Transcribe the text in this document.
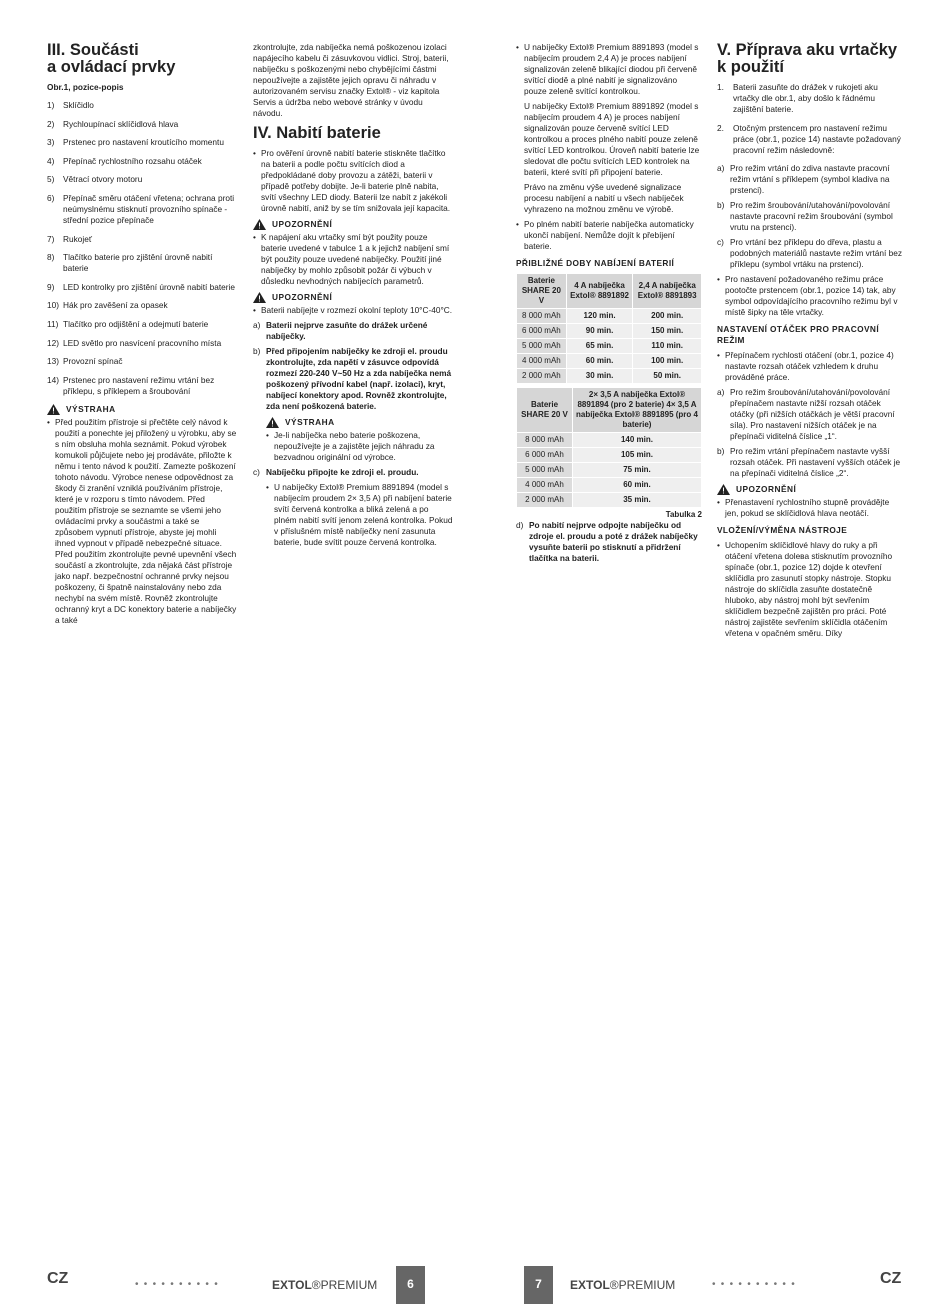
III. Součásti
a ovládací prvky
Obr.1, pozice-popis
1)	Sklíčidlo
2)	Rychloupínací sklíčidlová hlava
3)	Prstenec pro nastavení kroutícího momentu
4)	Přepínač rychlostního rozsahu otáček
5)	Větrací otvory motoru
6)	Přepínač směru otáčení vřetena; ochrana proti neúmyslnému stisknutí provozního spínače - střední pozice přepínače
7)	Rukojeť
8)	Tlačítko baterie pro zjištění úrovně nabití baterie
9)	LED kontrolky pro zjištění úrovně nabití baterie
10) Hák pro zavěšení za opasek
11) Tlačítko pro odjištění a odejmutí baterie
12) LED světlo pro nasvícení pracovního místa
13) Provozní spínač
14) Prstenec pro nastavení režimu vrtání bez příklepu, s příklepem a šroubování
VÝSTRAHA
• Před použitím přístroje si přečtěte celý návod k použití a ponechte jej přiložený u výrobku, aby se s ním obsluha mohla seznámit. Pokud výrobek komukoli půjčujete nebo jej prodáváte, přiložte k němu i tento návod k použití. Zamezte poškození tohoto návodu. Výrobce nenese odpovědnost za škody či zranění vzniklá používáním přístroje, které je v rozporu s tímto návodem. Před použitím přístroje se seznamte se všemi jeho ovládacími prvky a součástmi a také se způsobem vypnutí přístroje, abyste jej mohli ihned vypnout v případě nebezpečné situace. Před použitím zkontrolujte pevné upevnění všech součástí a zkontrolujte, zda nějaká část přístroje jako např. bezpečnostní ochranné prvky nejsou poškozeny, či špatně nainstalovány nebo zda nechybí na svém místě. Rovněž zkontrolujte ochranný kryt a DC konektory baterie a nabíječky a také

zkontrolujte, zda nabíječka nemá poškozenou izolaci napájecího kabelu či zásuvkovou vidlici. Stroj, baterii, nabíječku s poškozenými nebo chybějícími částmi nepoužívejte a zajistěte jejich opravu či náhradu v autorizovaném servisu značky Extol® - viz kapitola Servis a údržba nebo webové stránky v úvodu návodu.

IV. Nabití baterie
• Pro ověření úrovně nabití baterie stiskněte tlačítko na baterii a podle počtu svítících diod a předpokládané doby provozu a zátěži, baterii v případě potřeby dobijte. Je-li baterie plně nabita, svítí všechny LED diody. Baterii lze nabít z jakékoli úrovně nabití, aniž by se tím snižovala její kapacita.
UPOZORNĚNÍ
• K napájení aku vrtačky smí být použity pouze baterie uvedené v tabulce 1 a k jejichž nabíjení smí být použity pouze uvedené nabíječky. Použití jiné nabíječky by mohlo způsobit požár či výbuch v důsledku nevhodných nabíjecích parametrů.
UPOZORNĚNÍ
• Baterii nabíjejte v rozmezí okolní teploty 10°C-40°C.
a) Baterii nejprve zasuňte do drážek určené nabíječky.
b) Před připojením nabíječky ke zdroji el. proudu zkontrolujte, zda napětí v zásuvce odpovídá rozmezí 220-240 V~50 Hz a zda nabíječka nemá poškozený přívodní kabel (např. izolaci), kryt, nabíjecí konektory apod. Rovněž zkontrolujte, zda není poškozená baterie.
VÝSTRAHA
• Je-li nabíječka nebo baterie poškozena, nepoužívejte je a zajistěte jejich náhradu za bezvadnou originální od výrobce.
c) Nabíječku připojte ke zdroji el. proudu.
• U nabíječky Extol® Premium 8891894 (model s nabíjecím proudem 2× 3,5 A) při nabíjení baterie svítí červená kontrolka a bliká zelená a po plném nabití svítí jenom zelená kontrolka. Pokud v příslušném místě nabíječky není zasunuta baterie, bude svítit pouze červená kontrolka.
• U nabíječky Extol® Premium 8891893 (model s nabíjecím proudem 2,4 A) je proces nabíjení signalizován zeleně blikající diodou při červeně svítící diodě a plné nabití je signalizováno pouze zeleně svítící kontrolkou.

U nabíječky Extol® Premium 8891892 (model s nabíjecím proudem 4 A) je proces nabíjení signalizován pouze červeně svítící LED kontrolkou a proces plného nabití pouze zeleně svítící LED kontrolkou. Úroveň nabití baterie lze sledovat dle počtu svítících LED kontrolek na baterii, které svítí při připojení baterie.

Právo na změnu výše uvedené signalizace procesu nabíjení a nabití u všech nabíječek vyhrazeno na možnou změnu ve výrobě.

• Po plném nabití baterie nabíječka automaticky ukončí nabíjení. Nemůže dojít k přebíjení baterie.
PŘIBLIŽNÉ DOBY NABÍJENÍ BATERIÍ
Baterie SHARE 20 V	4 A nabíječka Extol® 8891892	2,4 A nabíječka Extol® 8891893
8 000 mAh	120 min.	200 min.
6 000 mAh	90 min.	150 min.
5 000 mAh	65 min.	110 min.
4 000 mAh	60 min.	100 min.
2 000 mAh	30 min.	50 min.
Baterie SHARE 20 V	2× 3,5 A nabíječka Extol® 8891894 (pro 2 baterie) 4× 3,5 A nabíječka Extol® 8891895 (pro 4 baterie)
8 000 mAh	140 min.
6 000 mAh	105 min.
5 000 mAh	75 min.
4 000 mAh	60 min.
2 000 mAh	35 min.
Tabulka 2
d) Po nabití nejprve odpojte nabíječku od zdroje el. proudu a poté z drážek nabíječky vysuňte baterii po stisknutí a přidržení tlačítka na baterii.
V. Příprava aku vrtačky
k použití
1.	Baterii zasuňte do drážek v rukojeti aku vrtačky dle obr.1, aby došlo k řádnému zajištění baterie.
2.	Otočným prstencem pro nastavení režimu práce (obr.1, pozice 14) nastavte požadovaný pracovní režim následovně:
a) Pro režim vrtání do zdiva nastavte pracovní režim vrtání s příklepem (symbol kladiva na prstenci).
b) Pro režim šroubování/utahování/povolování nastavte pracovní režim šroubování (symbol vrutu na prstenci).
c) Pro vrtání bez příklepu do dřeva, plastu a podobných materiálů nastavte režim vrtání bez příklepu (symbol vrtáku na prstenci).
• Pro nastavení požadovaného režimu práce pootočte prstencem (obr.1, pozice 14) tak, aby symbol odpovídajícího pracovního režimu byl v místě šipky na těle vrtačky.
NASTAVENÍ OTÁČEK PRO PRACOVNÍ REŽIM
• Přepínačem rychlosti otáčení (obr.1, pozice 4) nastavte rozsah otáček vzhledem k druhu prováděné práce.
a) Pro režim šroubování/utahování/povolování přepínačem nastavte nižší rozsah otáček otáčky (při nižších otáčkách je větší pracovní síla). Pro nastavení nižších otáček je na přepínači viditelná číslice „1“.
b) Pro režim vrtání přepínačem nastavte vyšší rozsah otáček. Při nastavení vyšších otáček je na přepínači viditelná číslice „2“.
UPOZORNĚNÍ
• Přenastavení rychlostního stupně provádějte jen, pokud se sklíčidlová hlava neotáčí.
VLOŽENÍ/VÝMĚNA NÁSTROJE
• Uchopením sklíčidlové hlavy do ruky a při otáčení vřetena dolева stisknutím provozního spínače (obr.1, pozice 12) dojde k otevření sklíčidla pro zasunutí stopky nástroje. Stopku nástroje do sklíčidla zasuňte dostatečně hluboko, aby nástroj mohl být sevřením sklíčidlem bezpečně zajištěn pro práci. Poté nástroj zajistěte sevřením sklíčidla otáčením vřetena v opačném směru. Díky
CZ	••••••••••	EXTOL®PREMIUM	6	7	EXTOL®PREMIUM	••••••••••	CZ
